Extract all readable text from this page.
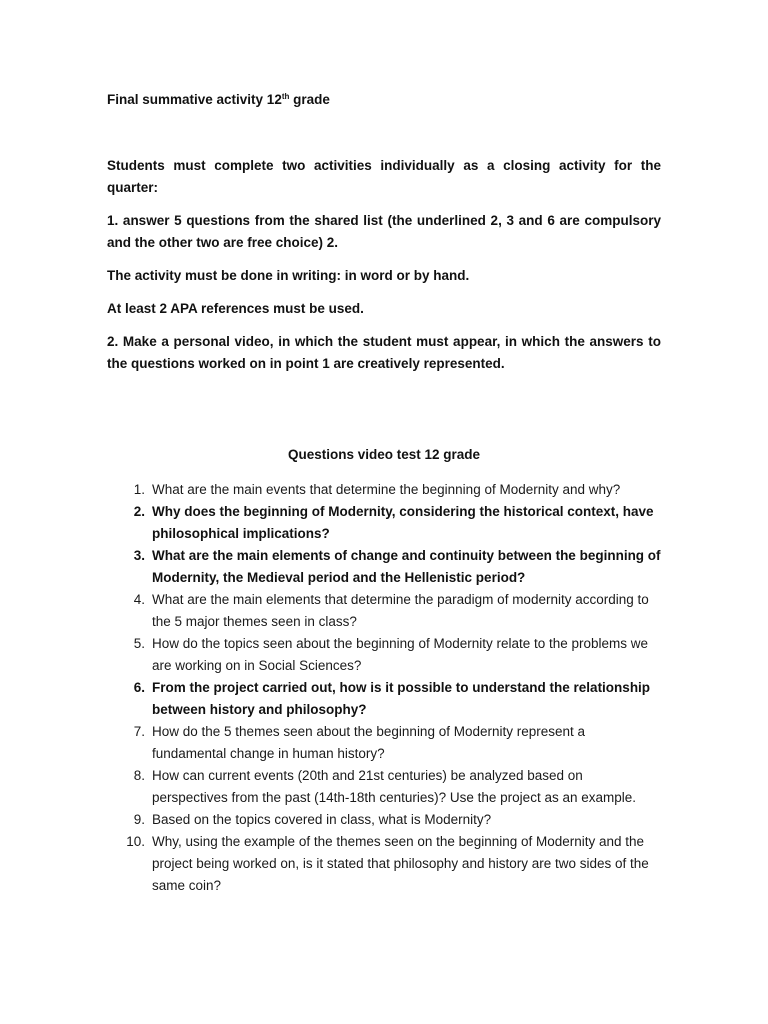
Final summative activity 12th grade

Students must complete two activities individually as a closing activity for the quarter:

1. answer 5 questions from the shared list (the underlined 2, 3 and 6 are compulsory and the other two are free choice) 2.

The activity must be done in writing: in word or by hand.

At least 2 APA references must be used.

2. Make a personal video, in which the student must appear, in which the answers to the questions worked on in point 1 are creatively represented.

Questions video test 12 grade
1. What are the main events that determine the beginning of Modernity and why?
2. Why does the beginning of Modernity, considering the historical context, have philosophical implications?
3. What are the main elements of change and continuity between the beginning of Modernity, the Medieval period and the Hellenistic period?
4. What are the main elements that determine the paradigm of modernity according to the 5 major themes seen in class?
5. How do the topics seen about the beginning of Modernity relate to the problems we are working on in Social Sciences?
6. From the project carried out, how is it possible to understand the relationship between history and philosophy?
7. How do the 5 themes seen about the beginning of Modernity represent a fundamental change in human history?
8. How can current events (20th and 21st centuries) be analyzed based on perspectives from the past (14th-18th centuries)? Use the project as an example.
9. Based on the topics covered in class, what is Modernity?
10. Why, using the example of the themes seen on the beginning of Modernity and the project being worked on, is it stated that philosophy and history are two sides of the same coin?
